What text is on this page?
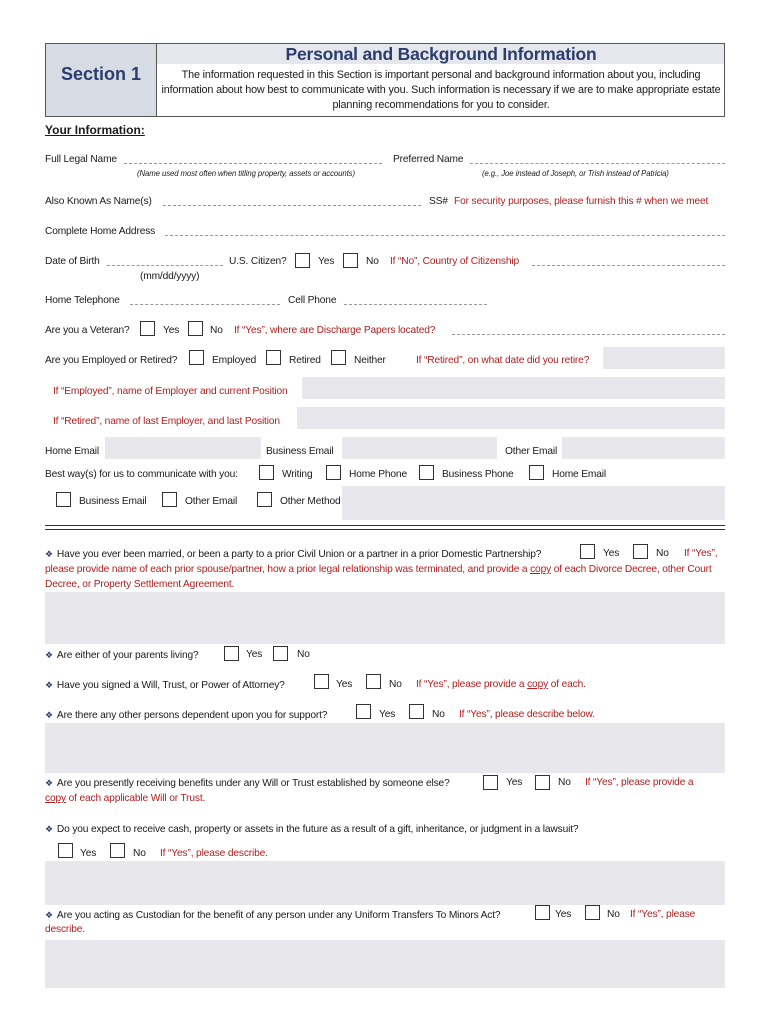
Section 1
Personal and Background Information
The information requested in this Section is important personal and background information about you, including information about how best to communicate with you. Such information is necessary if we are to make appropriate estate planning recommendations for you to consider.
Your Information:
Full Legal Name
(Name used most often when titling property, assets or accounts)
Preferred Name
(e.g., Joe instead of Joseph, or Trish instead of Patricia)
Also Known As Name(s)	SS# For security purposes, please furnish this # when we meet
Complete Home Address
Date of Birth
(mm/dd/yyyy)
U.S. Citizen?	Yes	No If “No”, Country of Citizenship
Home Telephone	Cell Phone
Are you a Veteran?	Yes	No If “Yes”, where are Discharge Papers located?
Are you Employed or Retired?	Employed	Retired	Neither	If “Retired”, on what date did you retire?
If “Employed”, name of Employer and current Position
If “Retired”, name of last Employer, and last Position
Home Email	Business Email	Other Email
Best way(s) for us to communicate with you:	Writing	Home Phone	Business Phone	Home Email
Business Email	Other Email	Other Method
❖ Have you ever been married, or been a party to a prior Civil Union or a partner in a prior Domestic Partnership?	Yes	No If “Yes”,
please provide name of each prior spouse/partner, how a prior legal relationship was terminated, and provide a copy of each Divorce Decree, other Court Decree, or Property Settlement Agreement.
❖ Are either of your parents living?	Yes	No
❖ Have you signed a Will, Trust, or Power of Attorney?	Yes	No If “Yes”, please provide a copy of each.
❖ Are there any other persons dependent upon you for support?	Yes	No If “Yes”, please describe below.
❖ Are you presently receiving benefits under any Will or Trust established by someone else?	Yes	No If “Yes”, please provide a
copy of each applicable Will or Trust.
❖ Do you expect to receive cash, property or assets in the future as a result of a gift, inheritance, or judgment in a lawsuit?
Yes	No If “Yes”, please describe.
❖ Are you acting as Custodian for the benefit of any person under any Uniform Transfers To Minors Act?	Yes	No If “Yes”, please
describe.
